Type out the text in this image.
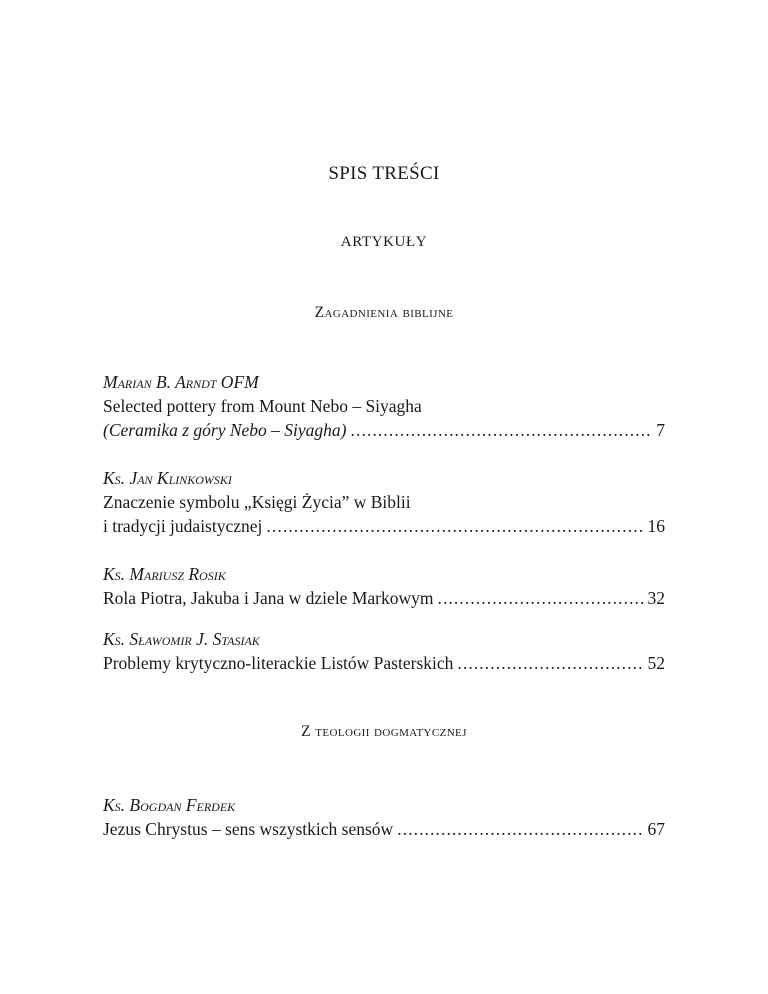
SPIS TREŚCI
ARTYKUŁY
Zagadnienia biblijne
Marian B. Arndt OFM
Selected pottery from Mount Nebo – Siyagha
(Ceramika z góry Nebo – Siyagha) .....	7
Ks. Jan Klinkowski
Znaczenie symbolu „Księgi Życia” w Biblii
i tradycji judaistycznej .....	16
Ks. Mariusz Rosik
Rola Piotra, Jakuba i Jana w dziele Markowym .....	32
Ks. Sławomir J. Stasiak
Problemy krytyczno-literackie Listów Pasterskich .....	52
Z teologii dogmatycznej
Ks. Bogdan Ferdek
Jezus Chrystus – sens wszystkich sensów .....	67
